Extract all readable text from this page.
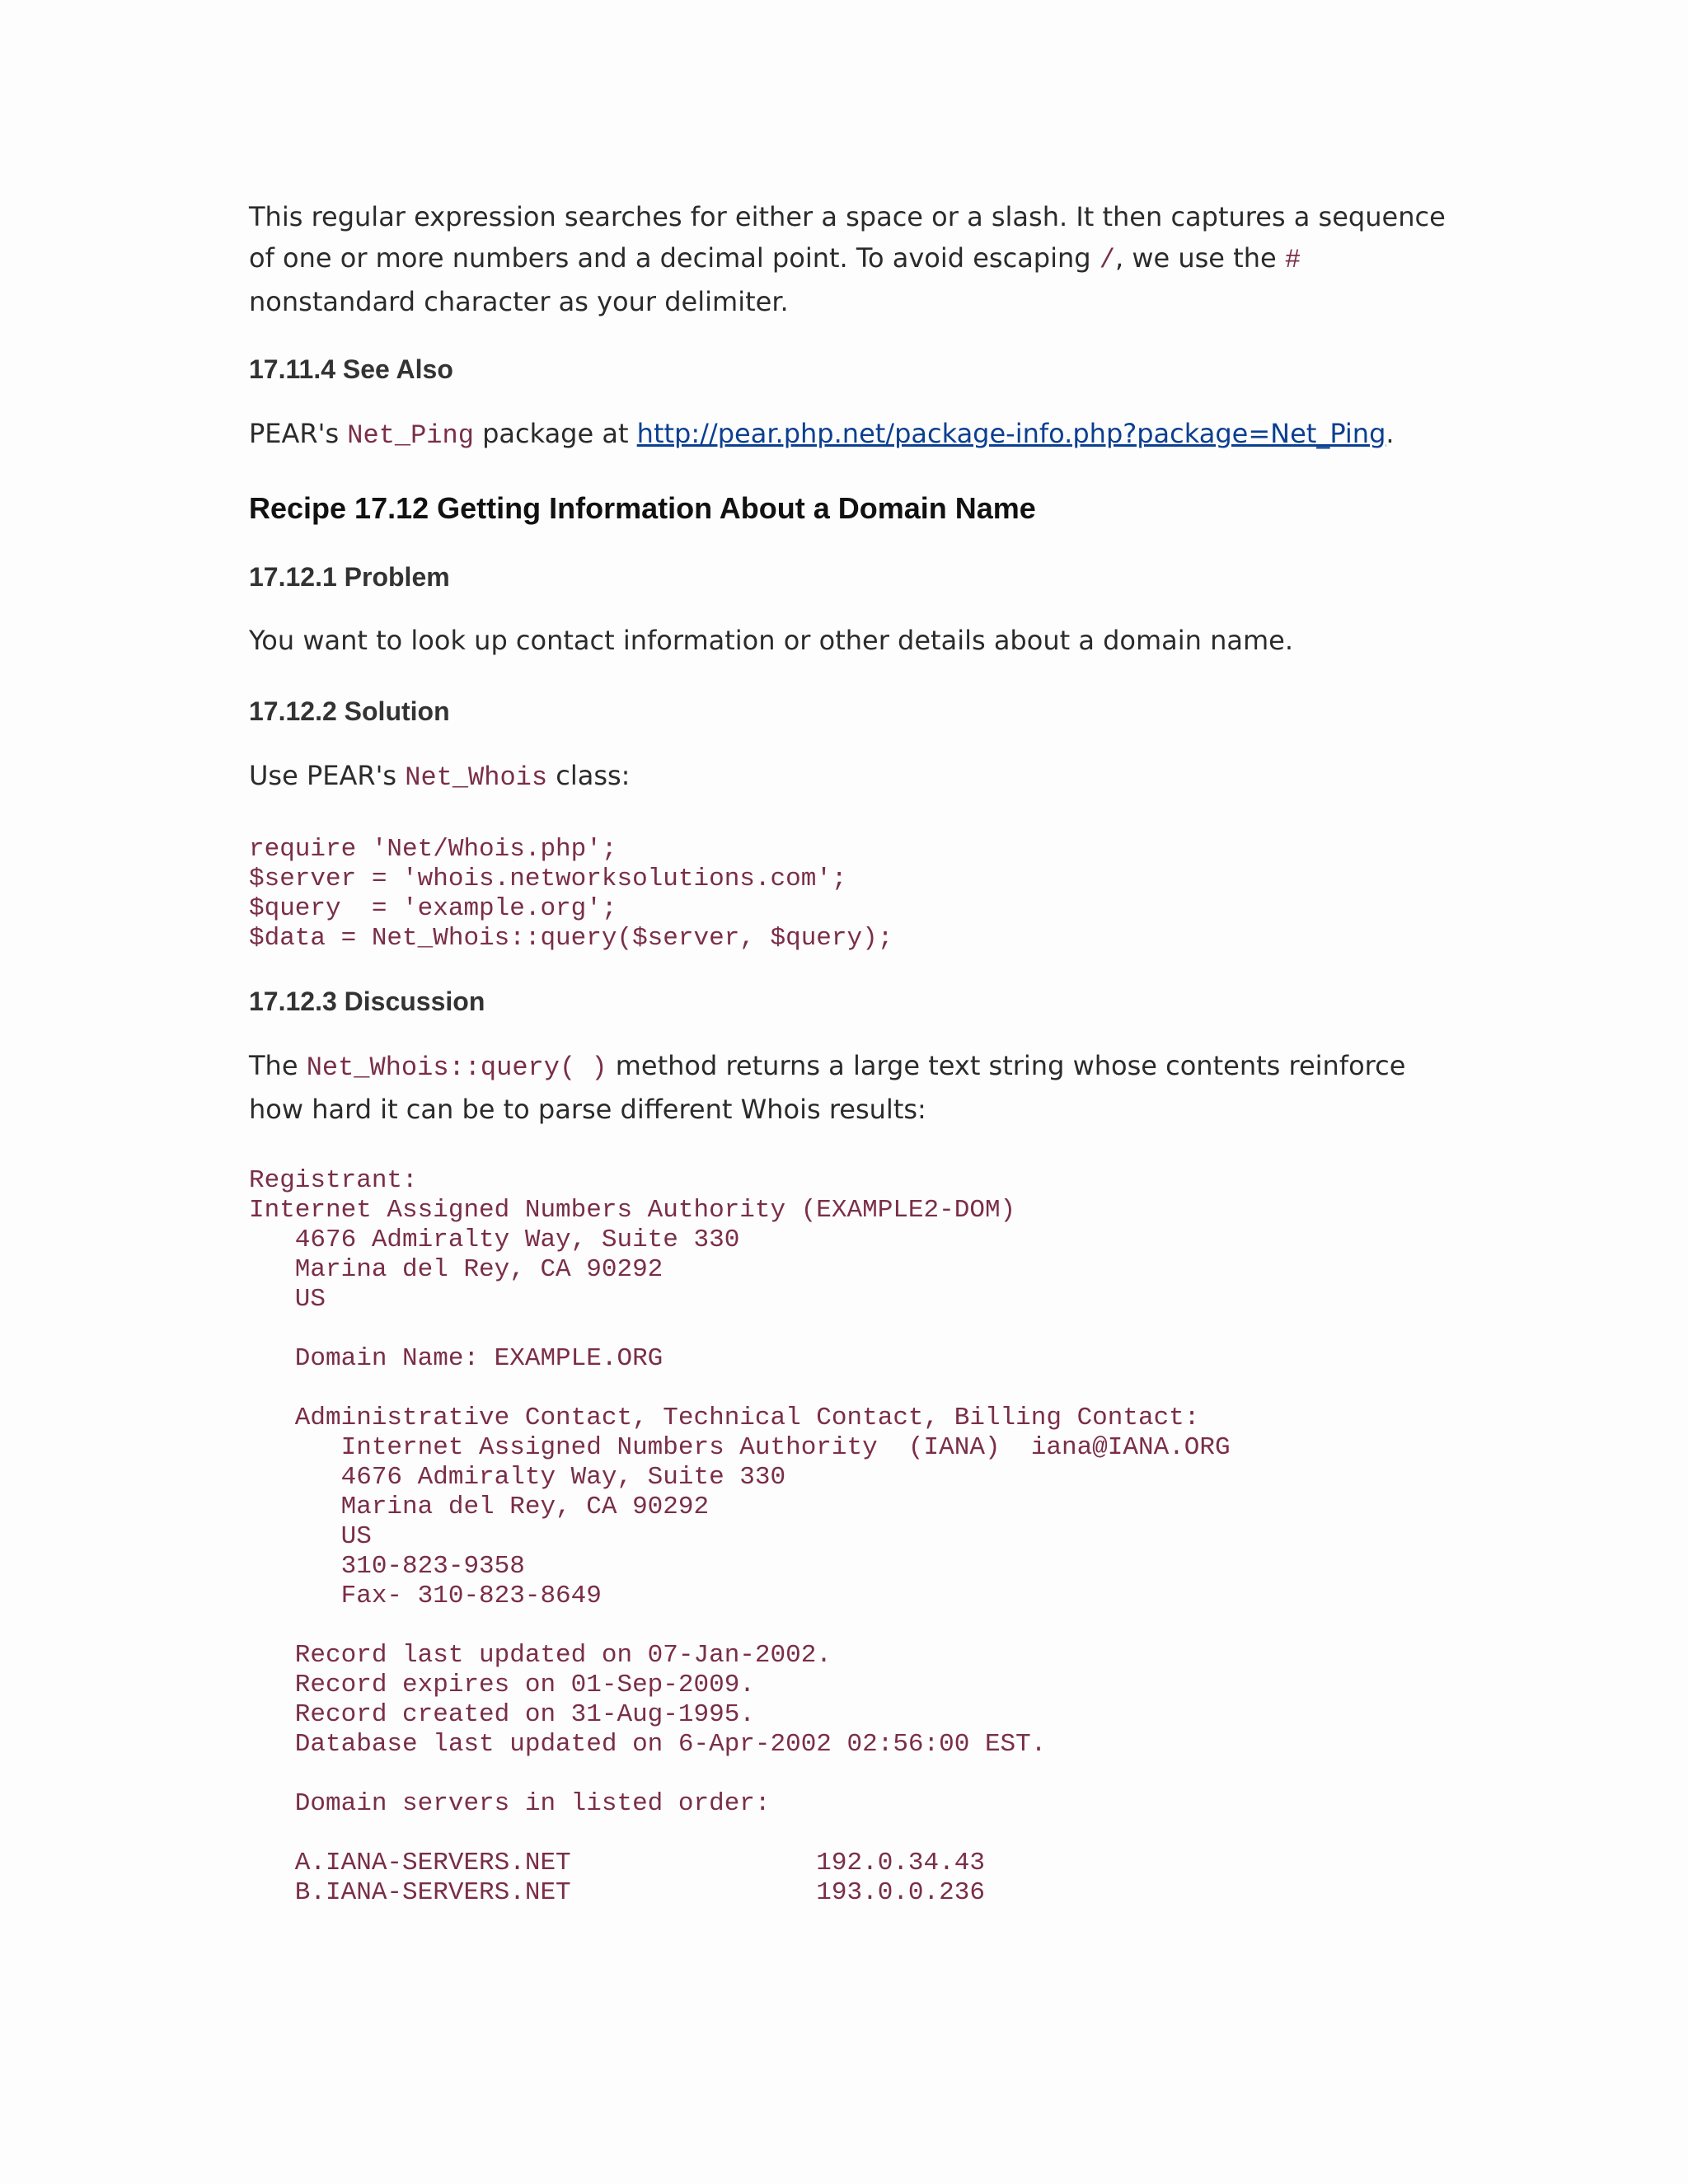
This regular expression searches for either a space or a slash. It then captures a sequence of one or more numbers and a decimal point. To avoid escaping /, we use the # nonstandard character as your delimiter.

17.11.4 See Also

PEAR's Net_Ping package at http://pear.php.net/package-info.php?package=Net_Ping.

Recipe 17.12 Getting Information About a Domain Name
17.12.1 Problem

You want to look up contact information or other details about a domain name.

17.12.2 Solution

Use PEAR's Net_Whois class:

require 'Net/Whois.php';
$server = 'whois.networksolutions.com';
$query  = 'example.org';
$data = Net_Whois::query($server, $query);
17.12.3 Discussion

The Net_Whois::query( ) method returns a large text string whose contents reinforce how hard it can be to parse different Whois results:

Registrant:
Internet Assigned Numbers Authority (EXAMPLE2-DOM)
4676 Admiralty Way, Suite 330
Marina del Rey, CA 90292
US

Domain Name: EXAMPLE.ORG

Administrative Contact, Technical Contact, Billing Contact:
Internet Assigned Numbers Authority  (IANA)  iana@IANA.ORG
4676 Admiralty Way, Suite 330
Marina del Rey, CA 90292
US
310-823-9358
Fax- 310-823-8649

Record last updated on 07-Jan-2002.
Record expires on 01-Sep-2009.
Record created on 31-Aug-1995.
Database last updated on 6-Apr-2002 02:56:00 EST.

Domain servers in listed order:

A.IANA-SERVERS.NET                192.0.34.43
B.IANA-SERVERS.NET                193.0.0.236
